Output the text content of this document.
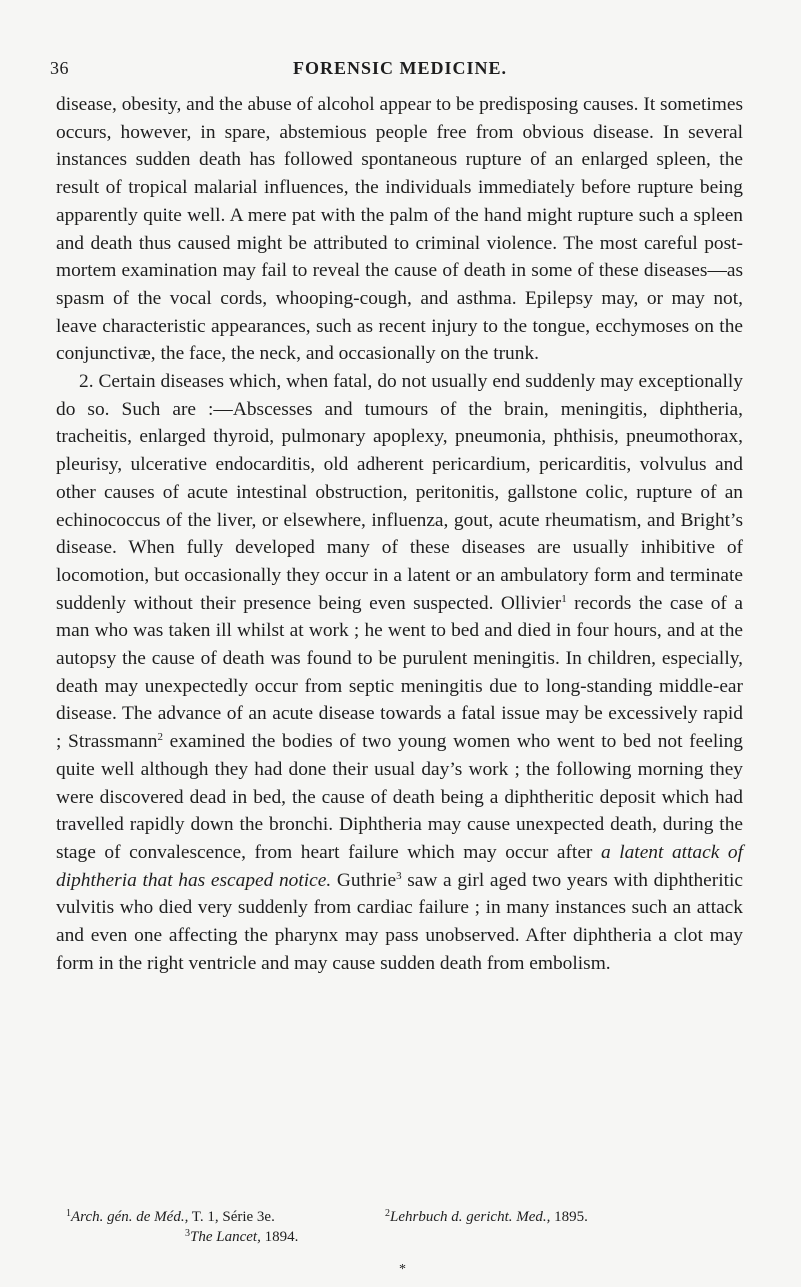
36	FORENSIC MEDICINE.

disease, obesity, and the abuse of alcohol appear to be predisposing causes. It sometimes occurs, however, in spare, abstemious people free from obvious disease. In several instances sudden death has followed spontaneous rupture of an enlarged spleen, the result of tropical malarial influences, the individuals immediately before rupture being apparently quite well. A mere pat with the palm of the hand might rupture such a spleen and death thus caused might be attributed to criminal violence. The most careful post-mortem examination may fail to reveal the cause of death in some of these diseases—as spasm of the vocal cords, whooping-cough, and asthma. Epilepsy may, or may not, leave characteristic appearances, such as recent injury to the tongue, ecchymoses on the conjunctivæ, the face, the neck, and occasionally on the trunk.

2. Certain diseases which, when fatal, do not usually end suddenly may exceptionally do so. Such are :—Abscesses and tumours of the brain, meningitis, diphtheria, tracheitis, enlarged thyroid, pulmonary apoplexy, pneumonia, phthisis, pneumothorax, pleurisy, ulcerative endocarditis, old adherent pericardium, pericarditis, volvulus and other causes of acute intestinal obstruction, peritonitis, gallstone colic, rupture of an echinococcus of the liver, or elsewhere, influenza, gout, acute rheumatism, and Bright’s disease. When fully developed many of these diseases are usually inhibitive of locomotion, but occasionally they occur in a latent or an ambulatory form and terminate suddenly without their presence being even suspected. Ollivier$^1$ records the case of a man who was taken ill whilst at work ; he went to bed and died in four hours, and at the autopsy the cause of death was found to be purulent meningitis. In children, especially, death may unexpectedly occur from septic meningitis due to long-standing middle-ear disease. The advance of an acute disease towards a fatal issue may be excessively rapid ; Strassmann$^2$ examined the bodies of two young women who went to bed not feeling quite well although they had done their usual day’s work ; the following morning they were discovered dead in bed, the cause of death being a diphtheritic deposit which had travelled rapidly down the bronchi. Diphtheria may cause unexpected death, during the stage of convalescence, from heart failure which may occur after a latent attack of diphtheria that has escaped notice. Guthrie$^3$ saw a girl aged two years with diphtheritic vulvitis who died very suddenly from cardiac failure ; in many instances such an attack and even one affecting the pharynx may pass unobserved. After diphtheria a clot may form in the right ventricle and may cause sudden death from embolism.

$^1$Arch. gén. de Méd., T. 1, Série 3e.	$^2$Lehrbuch d. gericht. Med., 1895.
$^3$The Lancet, 1894.
*
